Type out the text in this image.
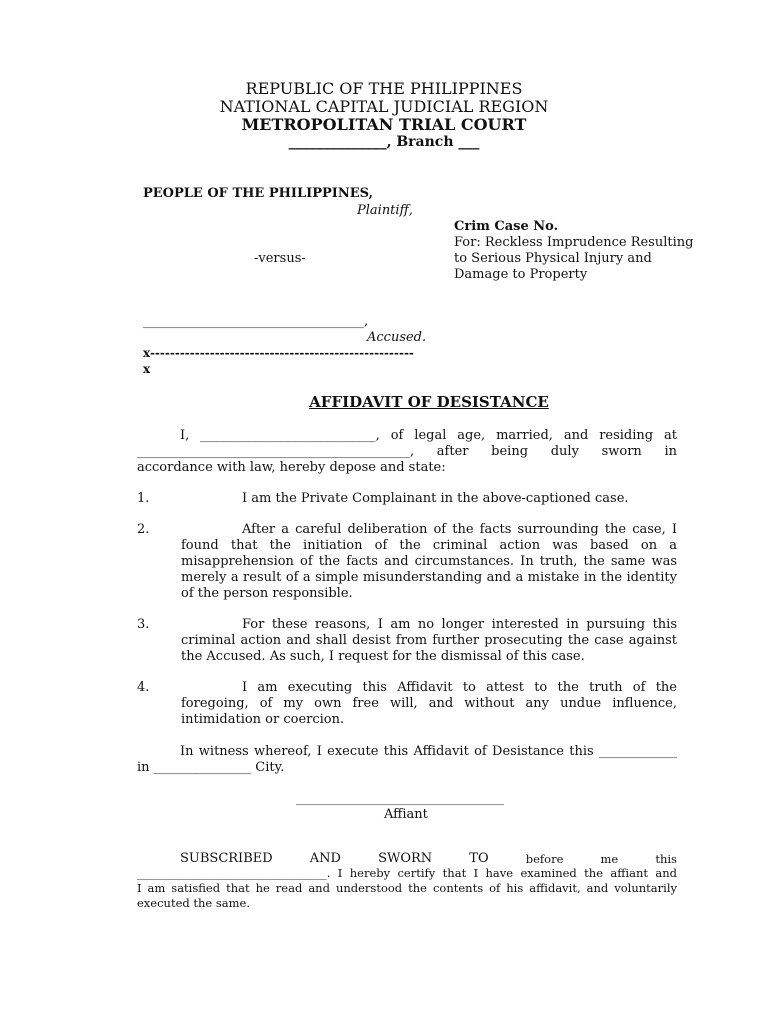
REPUBLIC OF THE PHILIPPINES
NATIONAL CAPITAL JUDICIAL REGION
METROPOLITAN TRIAL COURT
______________, Branch ___
PEOPLE OF THE PHILIPPINES,
Plaintiff,
Crim Case No.
For: Reckless Imprudence Resulting
-versus-	to Serious Physical Injury and
Damage to Property
__________________________________,
Accused.
x-----------------------------------------------------
x
AFFIDAVIT OF DESISTANCE
I, ___________________________, of legal age, married, and residing at
__________________________________________, after being duly sworn in
accordance with law, hereby depose and state:
1.	I am the Private Complainant in the above-captioned case.
2.	After a careful deliberation of the facts surrounding the case, I
found that the initiation of the criminal action was based on a
misapprehension of the facts and circumstances. In truth, the same was
merely a result of a simple misunderstanding and a mistake in the identity
of the person responsible.
3.	For these reasons, I am no longer interested in pursuing this
criminal action and shall desist from further prosecuting the case against
the Accused. As such, I request for the dismissal of this case.
4.	I am executing this Affidavit to attest to the truth of the
foregoing, of my own free will, and without any undue influence,
intimidation or coercion.
In witness whereof, I execute this Affidavit of Desistance this ____________
in _______________ City.
________________________________
Affiant
SUBSCRIBED	AND	SWORN	TO	before	me	this
_________________________________. I hereby certify that I have examined the affiant and
I am satisfied that he read and understood the contents of his affidavit, and voluntarily
executed the same.
